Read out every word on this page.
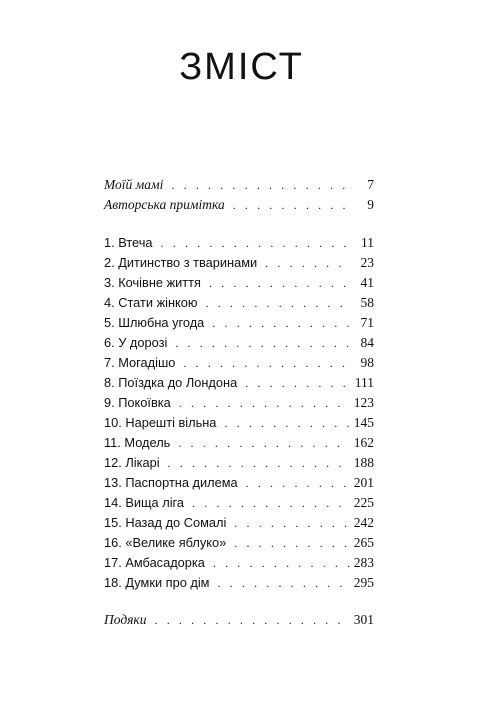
ЗМІСТ
Моїй мамі . . .	7
Авторська примітка . . .	9
1. Втеча . . .	11
2. Дитинство з тваринами . . .	23
3. Кочівне життя . . .	41
4. Стати жінкою . . .	58
5. Шлюбна угода . . .	71
6. У дорозі . . .	84
7. Могадішо . . .	98
8. Поїздка до Лондона . . .	111
9. Покоївка . . .	123
10. Нарешті вільна . . .	145
11. Модель . . .	162
12. Лікарі . . .	188
13. Паспортна дилема . . .	201
14. Вища ліга . . .	225
15. Назад до Сомалі . . .	242
16. «Велике яблуко» . . .	265
17. Амбасадорка . . .	283
18. Думки про дім . . .	295
Подяки . . .	301
